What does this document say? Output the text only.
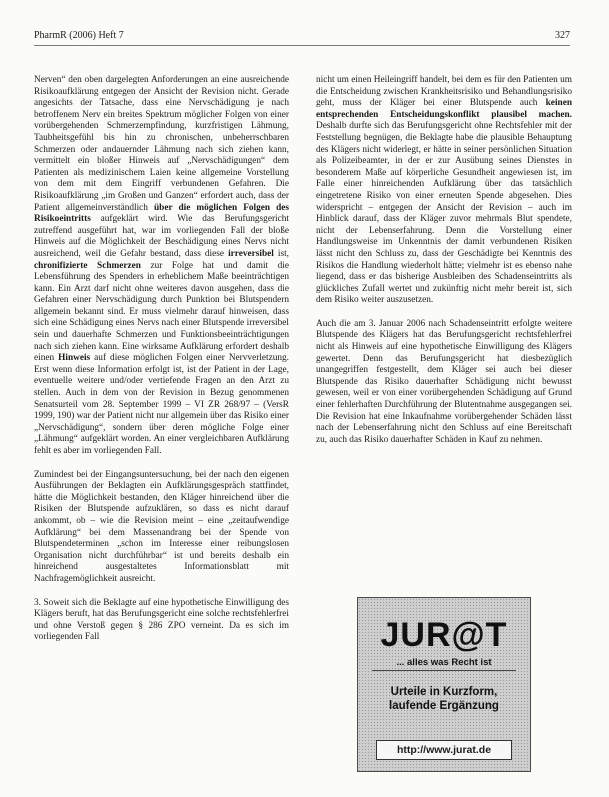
PharmR (2006) Heft 7	327

Nerven“ den oben dargelegten Anforderungen an eine ausreichende Risikoaufklärung entgegen der Ansicht der Revision nicht. Gerade angesichts der Tatsache, dass eine Nervschädigung je nach betroffenem Nerv ein breites Spektrum möglicher Folgen von einer vorübergehenden Schmerzempfindung, kurzfristigen Lähmung, Taubheitsgefühl bis hin zu chronischen, unbeherrschbaren Schmerzen oder andauernder Lähmung nach sich ziehen kann, vermittelt ein bloßer Hinweis auf „Nervschädigungen“ dem Patienten als medizinischem Laien keine allgemeine Vorstellung von dem mit dem Eingriff verbundenen Gefahren. Die Risikoaufklärung „im Großen und Ganzen“ erfordert auch, dass der Patient allgemeinverständlich über die möglichen Folgen des Risikoeintritts aufgeklärt wird. Wie das Berufungsgericht zutreffend ausgeführt hat, war im vorliegenden Fall der bloße Hinweis auf die Möglichkeit der Beschädigung eines Nervs nicht ausreichend, weil die Gefahr bestand, dass diese irreversibel ist, chronifizierte Schmerzen zur Folge hat und damit die Lebensführung des Spenders in erheblichem Maße beeinträchtigen kann. Ein Arzt darf nicht ohne weiteres davon ausgehen, dass die Gefahren einer Nervschädigung durch Punktion bei Blutspendern allgemein bekannt sind. Er muss vielmehr darauf hinweisen, dass sich eine Schädigung eines Nervs nach einer Blutspende irreversibel sein und dauerhafte Schmerzen und Funktionsbeeinträchtigungen nach sich ziehen kann. Eine wirksame Aufklärung erfordert deshalb einen Hinweis auf diese möglichen Folgen einer Nervverletzung. Erst wenn diese Information erfolgt ist, ist der Patient in der Lage, eventuelle weitere und/oder vertiefende Fragen an den Arzt zu stellen. Auch in dem von der Revision in Bezug genommenen Senatsurteil vom 28. September 1999 – VI ZR 268/97 – (VersR 1999, 190) war der Patient nicht nur allgemein über das Risiko einer „Nervschädigung“, sondern über deren mögliche Folge einer „Lähmung“ aufgeklärt worden. An einer vergleichbaren Aufklärung fehlt es aber im vorliegenden Fall.

Zumindest bei der Eingangsuntersuchung, bei der nach den eigenen Ausführungen der Beklagten ein Aufklärungsgespräch stattfindet, hätte die Möglichkeit bestanden, den Kläger hinreichend über die Risiken der Blutspende aufzuklären, so dass es nicht darauf ankommt, ob – wie die Revision meint – eine „zeitaufwendige Aufklärung“ bei dem Massenandrang bei der Spende von Blutspendeterminen „schon im Interesse einer reibungslosen Organisation nicht durchführbar“ ist und bereits deshalb ein hinreichend ausgestaltetes Informationsblatt mit Nachfragemöglichkeit ausreicht.

3. Soweit sich die Beklagte auf eine hypothetische Einwilligung des Klägers beruft, hat das Berufungsgericht eine solche rechtsfehlerfrei und ohne Verstoß gegen § 286 ZPO verneint. Da es sich im vorliegenden Fall

nicht um einen Heileingriff handelt, bei dem es für den Patienten um die Entscheidung zwischen Krankheitsrisiko und Behandlungsrisiko geht, muss der Kläger bei einer Blutspende auch keinen entsprechenden Entscheidungskonflikt plausibel machen. Deshalb durfte sich das Berufungsgericht ohne Rechtsfehler mit der Feststellung begnügen, die Beklagte habe die plausible Behauptung des Klägers nicht widerlegt, er hätte in seiner persönlichen Situation als Polizeibeamter, in der er zur Ausübung seines Dienstes in besonderem Maße auf körperliche Gesundheit angewiesen ist, im Falle einer hinreichenden Aufklärung über das tatsächlich eingetretene Risiko von einer erneuten Spende abgesehen. Dies widerspricht – entgegen der Ansicht der Revision – auch im Hinblick darauf, dass der Kläger zuvor mehrmals Blut spendete, nicht der Lebenserfahrung. Denn die Vorstellung einer Handlungsweise im Unkenntnis der damit verbundenen Risiken lässt nicht den Schluss zu, dass der Geschädigte bei Kenntnis des Risikos die Handlung wiederholt hätte; vielmehr ist es ebenso nahe liegend, dass er das bisherige Ausbleiben des Schadenseintritts als glückliches Zufall wertet und zukünftig nicht mehr bereit ist, sich dem Risiko weiter auszusetzen.

Auch die am 3. Januar 2006 nach Schadenseintritt erfolgte weitere Blutspende des Klägers hat das Berufungsgericht rechtsfehlerfrei nicht als Hinweis auf eine hypothetische Einwilligung des Klägers gewertet. Denn das Berufungsgericht hat diesbezüglich unangegriffen festgestellt, dem Kläger sei auch bei dieser Blutspende das Risiko dauerhafter Schädigung nicht bewusst gewesen, weil er von einer vorübergehenden Schädigung auf Grund einer fehlerhaften Durchführung der Blutentnahme ausgegangen sei. Die Revision hat eine Inkaufnahme vorübergehender Schäden lässt nach der Lebenserfahrung nicht den Schluss auf eine Bereitschaft zu, auch das Risiko dauerhafter Schäden in Kauf zu nehmen.

JUR@T
... alles was Recht ist
Urteile in Kurzform,
laufende Ergänzung
http://www.jurat.de
